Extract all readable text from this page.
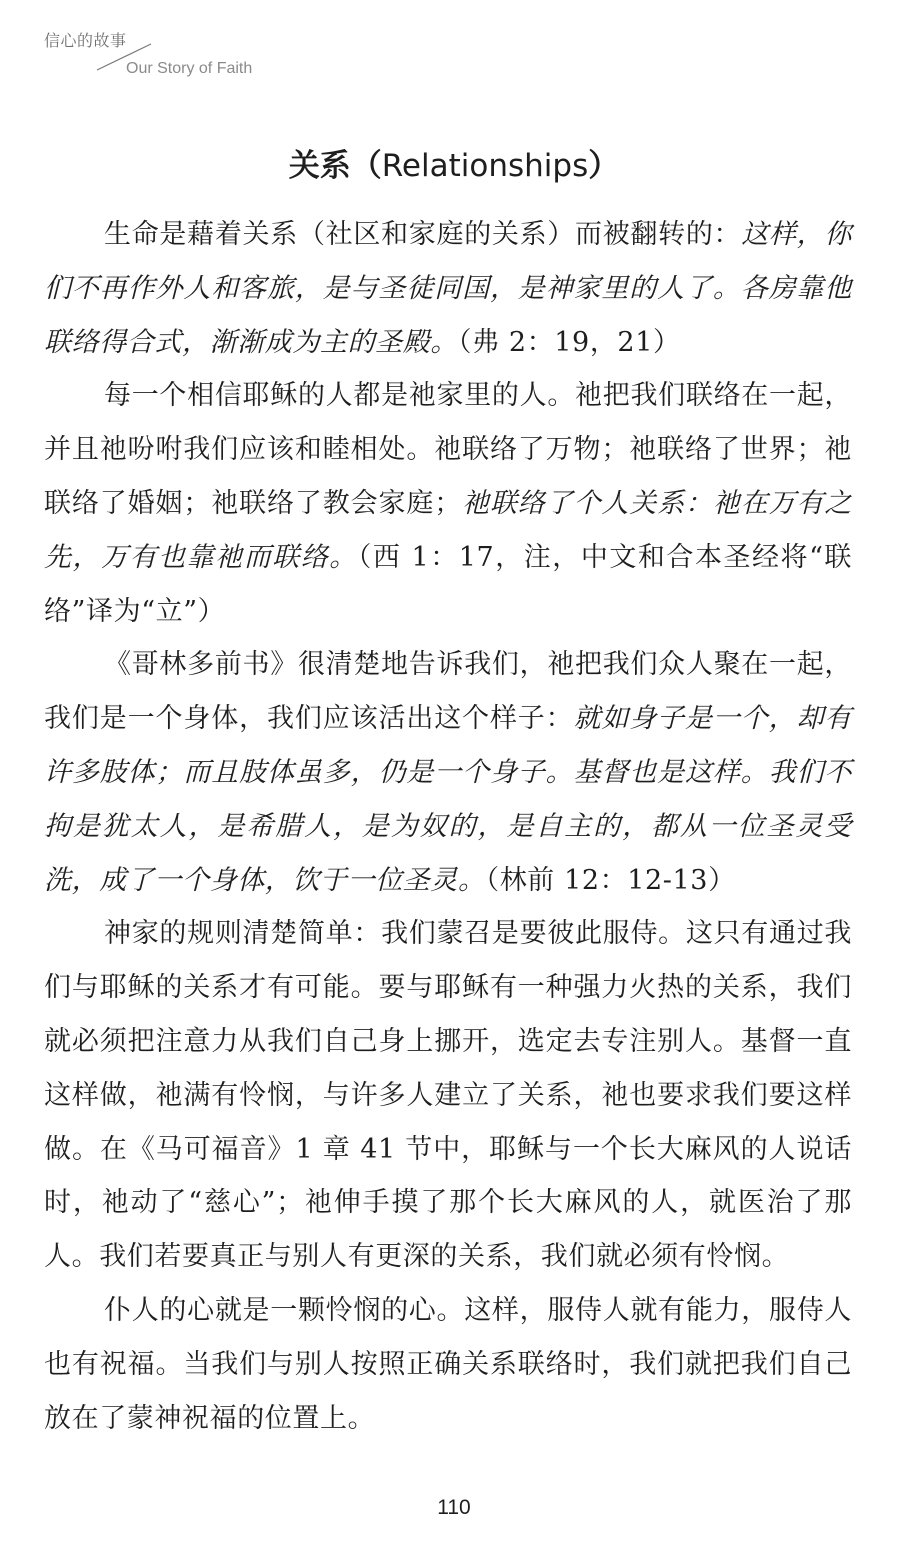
信心的故事
Our Story of Faith
关系（Relationships）

生命是藉着关系（社区和家庭的关系）而被翻转的：这样，你们不再作外人和客旅，是与圣徒同国，是神家里的人了。各房靠他联络得合式，渐渐成为主的圣殿。（弗 2：19，21）

每一个相信耶稣的人都是祂家里的人。祂把我们联络在一起，并且祂吩咐我们应该和睦相处。祂联络了万物；祂联络了世界；祂联络了婚姻；祂联络了教会家庭；祂联络了个人关系：祂在万有之先，万有也靠祂而联络。（西 1：17，注，中文和合本圣经将“联络”译为“立”）

《哥林多前书》很清楚地告诉我们，祂把我们众人聚在一起，我们是一个身体，我们应该活出这个样子：就如身子是一个，却有许多肢体；而且肢体虽多，仍是一个身子。基督也是这样。我们不拘是犹太人，是希腊人，是为奴的，是自主的，都从一位圣灵受洗，成了一个身体，饮于一位圣灵。（林前 12：12-13）

神家的规则清楚简单：我们蒙召是要彼此服侍。这只有通过我们与耶稣的关系才有可能。要与耶稣有一种强力火热的关系，我们就必须把注意力从我们自己身上挪开，选定去专注别人。基督一直这样做，祂满有怜悯，与许多人建立了关系，祂也要求我们要这样做。在《马可福音》1 章 41 节中，耶稣与一个长大麻风的人说话时，祂动了“慈心”；祂伸手摸了那个长大麻风的人，就医治了那人。我们若要真正与别人有更深的关系，我们就必须有怜悯。

仆人的心就是一颗怜悯的心。这样，服侍人就有能力，服侍人也有祝福。当我们与别人按照正确关系联络时，我们就把我们自己放在了蒙神祝福的位置上。

110
